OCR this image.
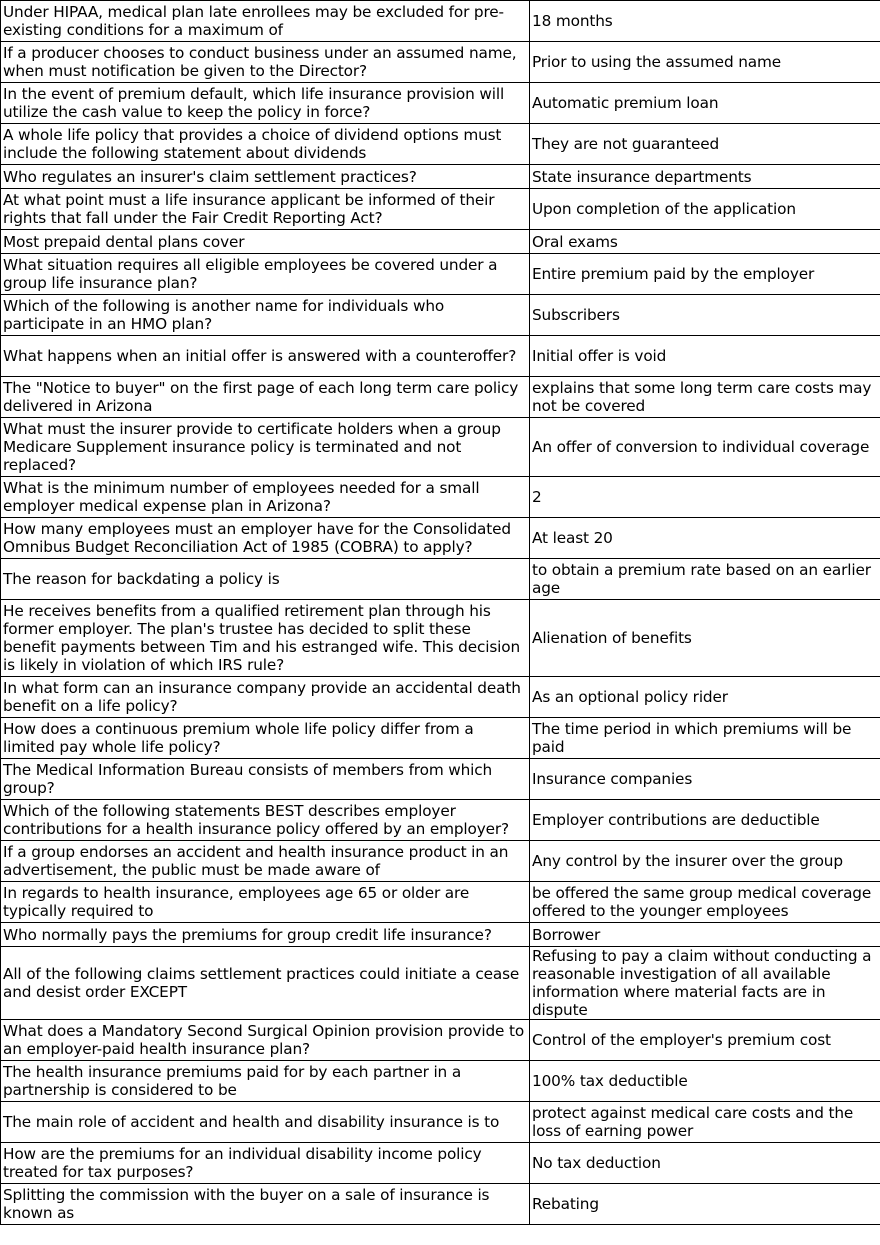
Under HIPAA, medical plan late enrollees may be excluded for pre-existing conditions for a maximum of	18 months
If a producer chooses to conduct business under an assumed name, when must notification be given to the Director?	Prior to using the assumed name
In the event of premium default, which life insurance provision will utilize the cash value to keep the policy in force?	Automatic premium loan
A whole life policy that provides a choice of dividend options must include the following statement about dividends	They are not guaranteed
Who regulates an insurer's claim settlement practices?	State insurance departments
At what point must a life insurance applicant be informed of their rights that fall under the Fair Credit Reporting Act?	Upon completion of the application
Most prepaid dental plans cover	Oral exams
What situation requires all eligible employees be covered under a group life insurance plan?	Entire premium paid by the employer
Which of the following is another name for individuals who participate in an HMO plan?	Subscribers
What happens when an initial offer is answered with a counteroffer?	Initial offer is void
The "Notice to buyer" on the first page of each long term care policy delivered in Arizona	explains that some long term care costs may not be covered
What must the insurer provide to certificate holders when a group Medicare Supplement insurance policy is terminated and not replaced?	An offer of conversion to individual coverage
What is the minimum number of employees needed for a small employer medical expense plan in Arizona?	2
How many employees must an employer have for the Consolidated Omnibus Budget Reconciliation Act of 1985 (COBRA) to apply?	At least 20
The reason for backdating a policy is	to obtain a premium rate based on an earlier age
He receives benefits from a qualified retirement plan through his former employer. The plan's trustee has decided to split these benefit payments between Tim and his estranged wife. This decision is likely in violation of which IRS rule?	Alienation of benefits
In what form can an insurance company provide an accidental death benefit on a life policy?	As an optional policy rider
How does a continuous premium whole life policy differ from a limited pay whole life policy?	The time period in which premiums will be paid
The Medical Information Bureau consists of members from which group?	Insurance companies
Which of the following statements BEST describes employer contributions for a health insurance policy offered by an employer?	Employer contributions are deductible
If a group endorses an accident and health insurance product in an advertisement, the public must be made aware of	Any control by the insurer over the group
In regards to health insurance, employees age 65 or older are typically required to	be offered the same group medical coverage offered to the younger employees
Who normally pays the premiums for group credit life insurance?	Borrower
All of the following claims settlement practices could initiate a cease and desist order EXCEPT	Refusing to pay a claim without conducting a reasonable investigation of all available information where material facts are in dispute
What does a Mandatory Second Surgical Opinion provision provide to an employer-paid health insurance plan?	Control of the employer's premium cost
The health insurance premiums paid for by each partner in a partnership is considered to be	100% tax deductible
The main role of accident and health and disability insurance is to	protect against medical care costs and the loss of earning power
How are the premiums for an individual disability income policy treated for tax purposes?	No tax deduction
Splitting the commission with the buyer on a sale of insurance is known as	Rebating
